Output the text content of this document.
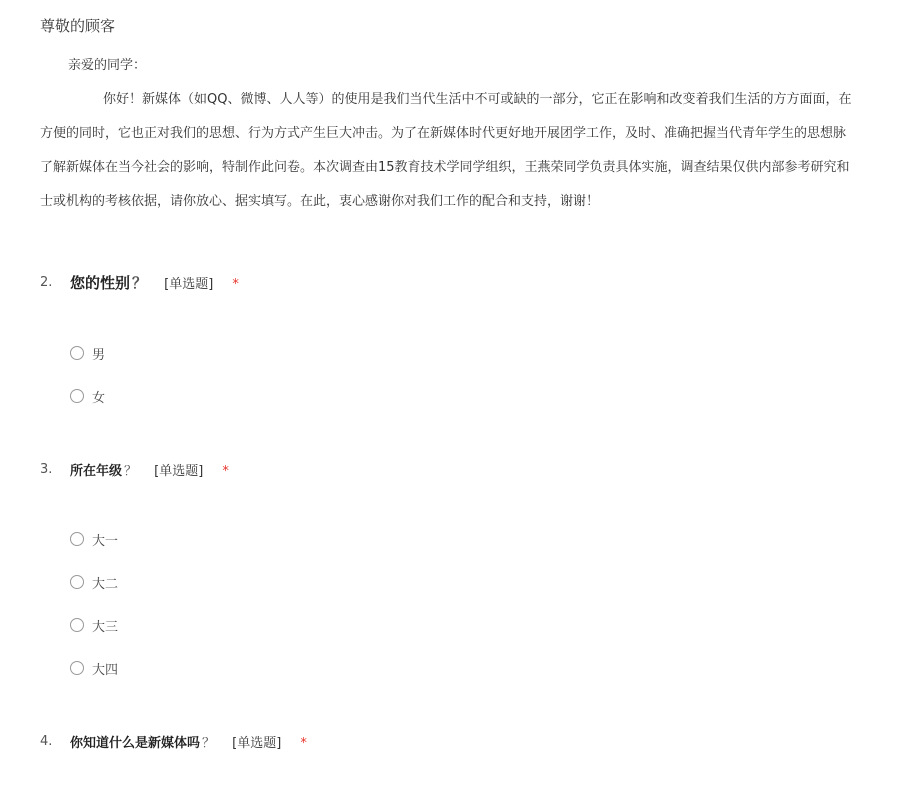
尊敬的顾客
亲爱的同学：
你好！新媒体（如QQ、微博、人人等）的使用是我们当代生活中不可或缺的一部分，它正在影响和改变着我们生活的方方面面，在
方便的同时，它也正对我们的思想、行为方式产生巨大冲击。为了在新媒体时代更好地开展团学工作，及时、准确把握当代青年学生的思想脉
了解新媒体在当今社会的影响，特制作此问卷。本次调查由15教育技术学同学组织，王燕荣同学负责具体实施，调查结果仅供内部参考研究和
士或机构的考核依据，请你放心、据实填写。在此，衷心感谢你对我们工作的配合和支持，谢谢！
2. 您的性别 ？ [单选题] *
男
女
3. 所在年级 ？ [单选题] *
大一
大二
大三
大四
4. 你知道什么是新媒体吗 ？ [单选题] *
